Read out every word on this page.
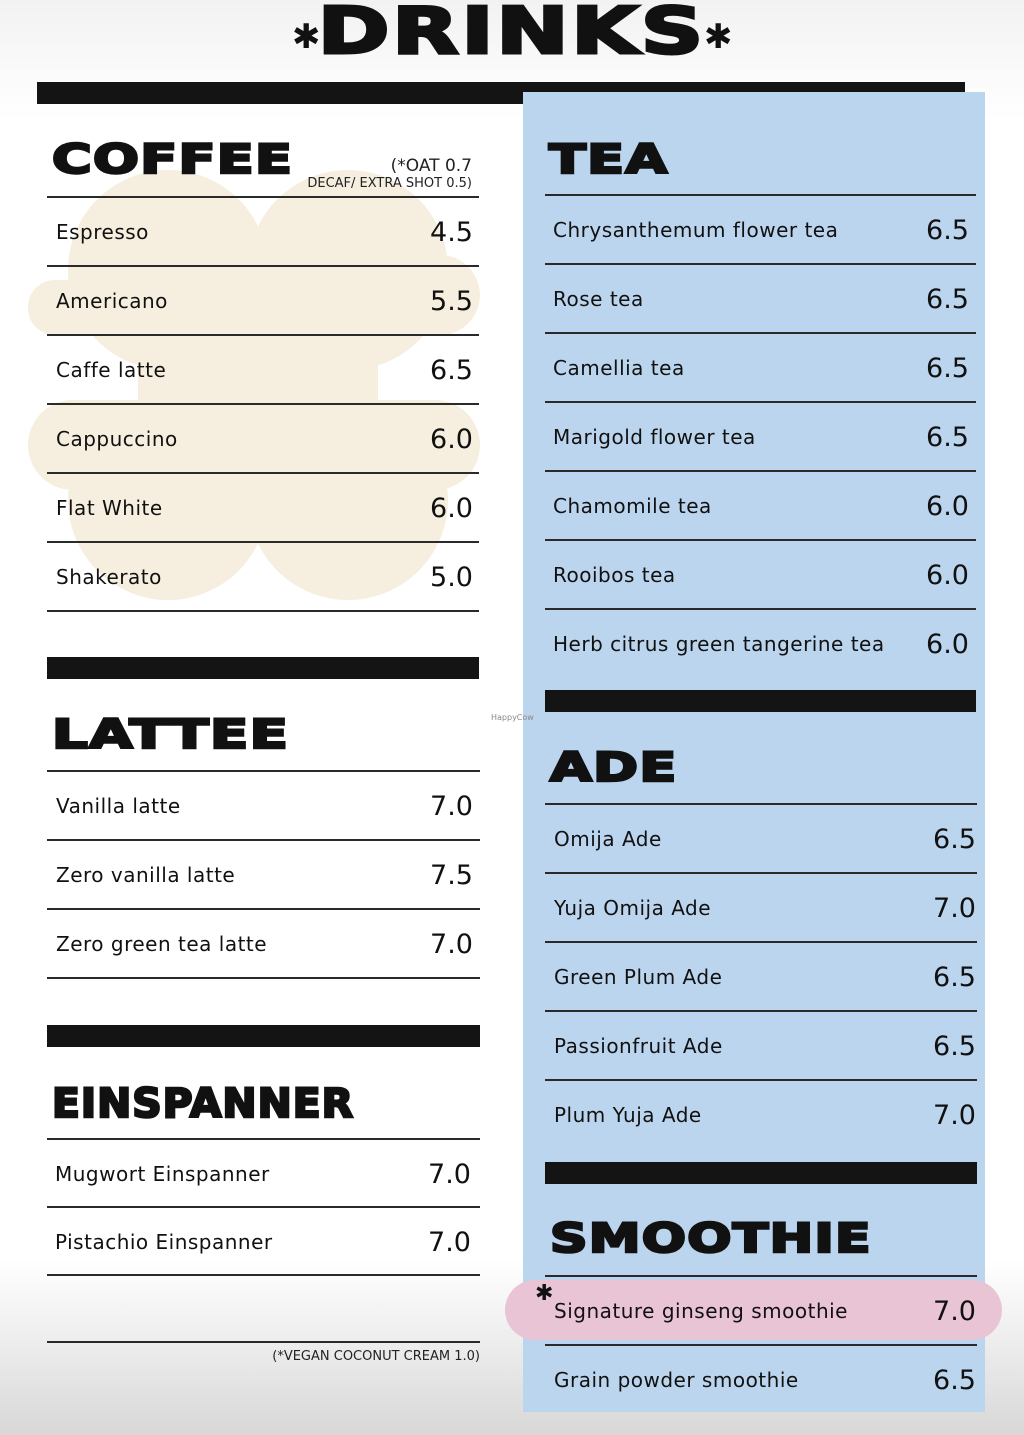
✱
DRINKS
✱
COFFEE	(*OAT 0.7
DECAF/ EXTRA SHOT 0.5)
Espresso	4.5
Americano	5.5
Caffe latte	6.5
Cappuccino	6.0
Flat White	6.0
Shakerato	5.0
LATTEE
Vanilla latte	7.0
Zero vanilla latte	7.5
Zero green tea latte	7.0
EINSPANNER
Mugwort Einspanner	7.0
Pistachio Einspanner	7.0
(*VEGAN COCONUT CREAM 1.0)
TEA
Chrysanthemum flower tea	6.5
Rose tea	6.5
Camellia tea	6.5
Marigold flower tea	6.5
Chamomile tea	6.0
Rooibos tea	6.0
Herb citrus green tangerine tea 6.0
HappyCow
ADE
Omija Ade	6.5
Yuja Omija Ade	7.0
Green Plum Ade	6.5
Passionfruit Ade	6.5
Plum Yuja Ade	7.0
SMOOTHIE
✱
Signature ginseng smoothie	7.0
Grain powder smoothie	6.5
